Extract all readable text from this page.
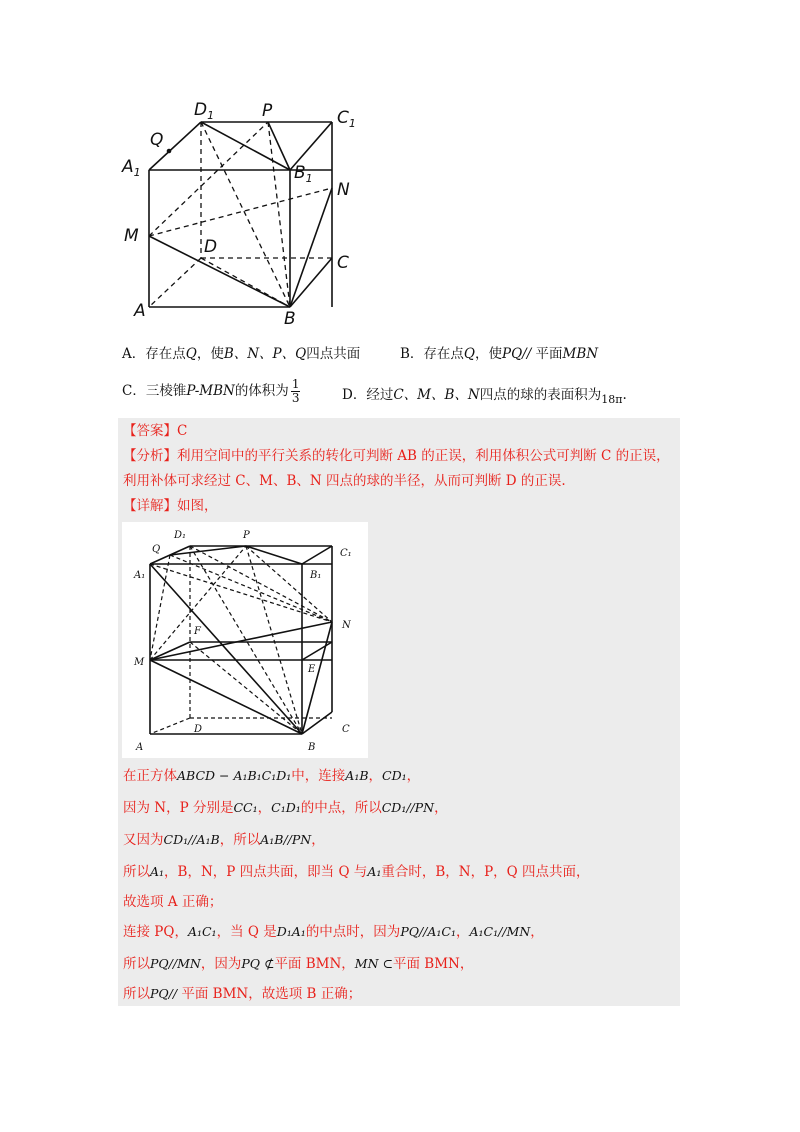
$D_1$	P	$C_1$
Q
$A_1$	$B_1$
N
M
D
C
A	B
A．存在点Q，使B、N、P、Q四点共面	B．存在点Q，使PQ// 平面MBN
C．三棱锥P-MBN的体积为 $\frac{1}{3}$	D．经过C、M、B、N四点的球的表面积为$_{18\pi}$.
【答案】C
【分析】利用空间中的平行关系的转化可判断 AB 的正误，利用体积公式可判断 C 的正误，
利用补体可求经过 C、M、B、N 四点的球的半径，从而可判断 D 的正误.
【详解】如图，
Q
D₁	P
C₁
A₁	B₁
N
F
M
E
D	C
A	B
在正方体ABCD − A₁B₁C₁D₁中，连接A₁B，CD₁，
因为 N，P 分别是CC₁，C₁D₁的中点，所以CD₁//PN，
又因为CD₁//A₁B，所以A₁B//PN，
所以A₁，B，N，P 四点共面，即当 Q 与A₁重合时，B，N，P，Q 四点共面，
故选项 A 正确；
连接 PQ，A₁C₁，当 Q 是D₁A₁的中点时，因为PQ//A₁C₁，A₁C₁//MN，
所以PQ//MN，因为PQ ⊄平面 BMN，MN ⊂平面 BMN，
所以PQ// 平面 BMN，故选项 B 正确；
